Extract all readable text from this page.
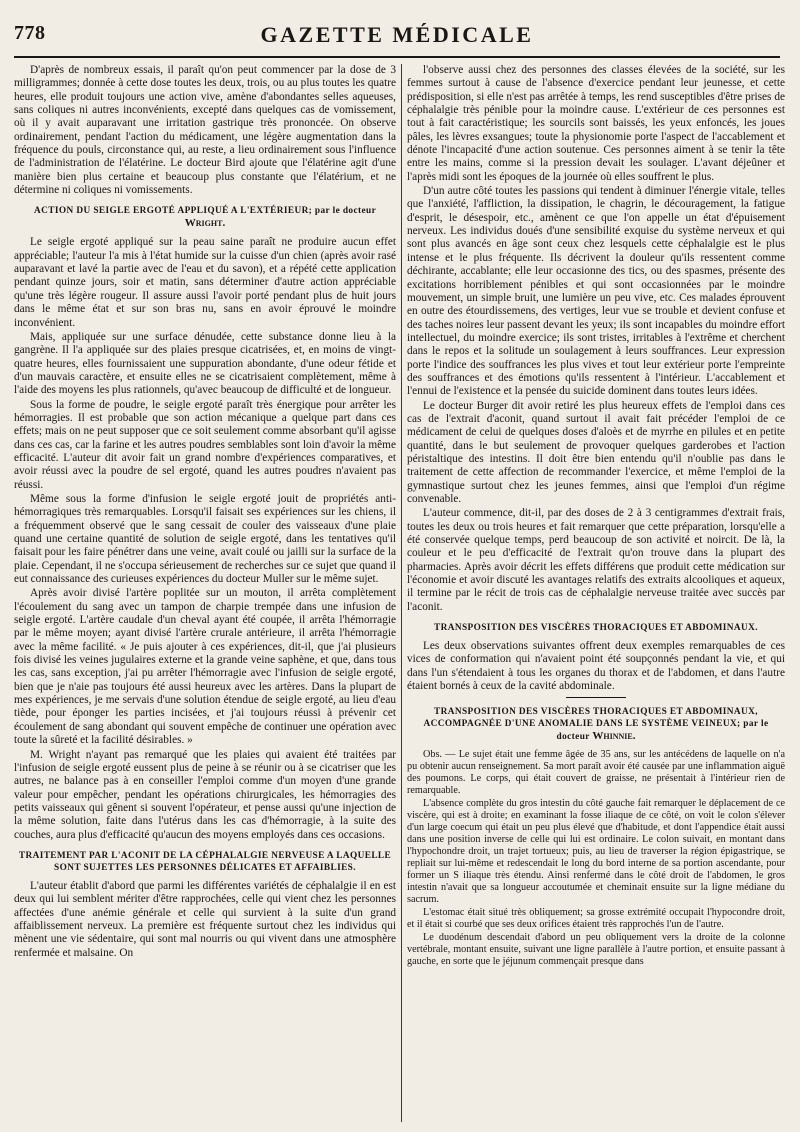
778	GAZETTE MÉDICALE

D'après de nombreux essais, il paraît qu'on peut commencer par la dose de 3 milligrammes; donnée à cette dose toutes les deux, trois, ou au plus toutes les quatre heures, elle produit toujours une action vive, amène d'abondantes selles aqueuses, sans coliques ni autres inconvénients, excepté dans quelques cas de vomissement, où il y avait auparavant une irritation gastrique très prononcée. On observe ordinairement, pendant l'action du médicament, une légère augmentation dans la fréquence du pouls, circonstance qui, au reste, a lieu ordinairement sous l'influence de l'administration de l'élatérine. Le docteur Bird ajoute que l'élatérine agit d'une manière bien plus certaine et beaucoup plus constante que l'élatérium, et ne détermine ni coliques ni vomissements.

ACTION DU SEIGLE ERGOTÉ APPLIQUÉ A L'EXTÉRIEUR; par le docteur Wright.

Le seigle ergoté appliqué sur la peau saine paraît ne produire aucun effet appréciable; l'auteur l'a mis à l'état humide sur la cuisse d'un chien (après avoir rasé auparavant et lavé la partie avec de l'eau et du savon), et a répété cette application pendant quinze jours, soir et matin, sans déterminer d'autre action appréciable qu'une très légère rougeur. Il assure aussi l'avoir porté pendant plus de huit jours dans le même état et sur son bras nu, sans en avoir éprouvé le moindre inconvénient.

Mais, appliquée sur une surface dénudée, cette substance donne lieu à la gangrène. Il l'a appliquée sur des plaies presque cicatrisées, et, en moins de vingt-quatre heures, elles fournissaient une suppuration abondante, d'une odeur fétide et d'un mauvais caractère, et ensuite elles ne se cicatrisaient complètement, même à l'aide des moyens les plus rationnels, qu'avec beaucoup de difficulté et de longueur.

Sous la forme de poudre, le seigle ergoté paraît très énergique pour arrêter les hémorragies. Il est probable que son action mécanique a quelque part dans ces effets; mais on ne peut supposer que ce soit seulement comme absorbant qu'il agisse dans ces cas, car la farine et les autres poudres semblables sont loin d'avoir la même efficacité. L'auteur dit avoir fait un grand nombre d'expériences comparatives, et avoir réussi avec la poudre de sel ergoté, quand les autres poudres n'avaient pas réussi.

Même sous la forme d'infusion le seigle ergoté jouit de propriétés anti-hémorragiques très remarquables. Lorsqu'il faisait ses expériences sur les chiens, il a fréquemment observé que le sang cessait de couler des vaisseaux d'une plaie quand une certaine quantité de solution de seigle ergoté, dans les tentatives qu'il faisait pour les faire pénétrer dans une veine, avait coulé ou jailli sur la surface de la plaie. Cependant, il ne s'occupa sérieusement de recherches sur ce sujet que quand il eut connaissance des curieuses expériences du docteur Muller sur le même sujet.

Après avoir divisé l'artère poplitée sur un mouton, il arrêta complètement l'écoulement du sang avec un tampon de charpie trempée dans une infusion de seigle ergoté. L'artère caudale d'un cheval ayant été coupée, il arrêta l'hémorragie par le même moyen; ayant divisé l'artère crurale antérieure, il arrêta l'hémorragie avec la même facilité. « Je puis ajouter à ces expériences, dit-il, que j'ai plusieurs fois divisé les veines jugulaires externe et la grande veine saphène, et que, dans tous les cas, sans exception, j'ai pu arrêter l'hémorragie avec l'infusion de seigle ergoté, bien que je n'aie pas toujours été aussi heureux avec les artères. Dans la plupart de mes expériences, je me servais d'une solution étendue de seigle ergoté, au lieu d'eau tiède, pour éponger les parties incisées, et j'ai toujours réussi à prévenir cet écoulement de sang abondant qui souvent empêche de continuer une opération avec toute la sûreté et la facilité désirables. »

M. Wright n'ayant pas remarqué que les plaies qui avaient été traitées par l'infusion de seigle ergoté eussent plus de peine à se réunir ou à se cicatriser que les autres, ne balance pas à en conseiller l'emploi comme d'un moyen d'une grande valeur pour empêcher, pendant les opérations chirurgicales, les hémorragies des petits vaisseaux qui gênent si souvent l'opérateur, et pense aussi qu'une injection de la même solution, faite dans l'utérus dans les cas d'hémorragie, à la suite des couches, aura plus d'efficacité qu'aucun des moyens employés dans ces occasions.

TRAITEMENT PAR L'ACONIT DE LA CÉPHALALGIE NERVEUSE A LAQUELLE SONT SUJETTES LES PERSONNES DÉLICATES ET AFFAIBLIES.

L'auteur établit d'abord que parmi les différentes variétés de céphalalgie il en est deux qui lui semblent mériter d'être rapprochées, celle qui vient chez les personnes affectées d'une anémie générale et celle qui survient à la suite d'un grand affaiblissement nerveux. La première est fréquente surtout chez les individus qui mènent une vie sédentaire, qui sont mal nourris ou qui vivent dans une atmosphère renfermée et malsaine. On

l'observe aussi chez des personnes des classes élevées de la société, sur les femmes surtout à cause de l'absence d'exercice pendant leur jeunesse, et cette prédisposition, si elle n'est pas arrêtée à temps, les rend susceptibles d'être prises de céphalalgie très pénible pour la moindre cause. L'extérieur de ces personnes est tout à fait caractéristique; les sourcils sont baissés, les yeux enfoncés, les joues pâles, les lèvres exsangues; toute la physionomie porte l'aspect de l'accablement et dénote l'incapacité d'une action soutenue. Ces personnes aiment à se tenir la tête entre les mains, comme si la pression devait les soulager. L'avant déjeûner et l'après midi sont les époques de la journée où elles souffrent le plus.

D'un autre côté toutes les passions qui tendent à diminuer l'énergie vitale, telles que l'anxiété, l'affliction, la dissipation, le chagrin, le découragement, la fatigue d'esprit, le désespoir, etc., amènent ce que l'on appelle un état d'épuisement nerveux. Les individus doués d'une sensibilité exquise du système nerveux et qui sont plus avancés en âge sont ceux chez lesquels cette céphalalgie est le plus intense et le plus fréquente. Ils décrivent la douleur qu'ils ressentent comme déchirante, accablante; elle leur occasionne des tics, ou des spasmes, présente des excitations horriblement pénibles et qui sont occasionnées par le moindre mouvement, un simple bruit, une lumière un peu vive, etc. Ces malades éprouvent en outre des étourdissemens, des vertiges, leur vue se trouble et devient confuse et des taches noires leur passent devant les yeux; ils sont incapables du moindre effort intellectuel, du moindre exercice; ils sont tristes, irritables à l'extrême et cherchent dans le repos et la solitude un soulagement à leurs souffrances. Leur expression porte l'indice des souffrances les plus vives et tout leur extérieur porte l'empreinte des souffrances et des émotions qu'ils ressentent à l'intérieur. L'accablement et l'ennui de l'existence et la pensée du suicide dominent dans toutes leurs idées.

Le docteur Burger dit avoir retiré les plus heureux effets de l'emploi dans ces cas de l'extrait d'aconit, quand surtout il avait fait précéder l'emploi de ce médicament de celui de quelques doses d'aloès et de myrrhe en pilules et en petite quantité, dans le but seulement de provoquer quelques garderobes et l'action péristaltique des intestins. Il doit être bien entendu qu'il n'oublie pas dans le traitement de cette affection de recommander l'exercice, et même l'emploi de la gymnastique surtout chez les jeunes femmes, ainsi que l'emploi d'un régime convenable.

L'auteur commence, dit-il, par des doses de 2 à 3 centigrammes d'extrait frais, toutes les deux ou trois heures et fait remarquer que cette préparation, lorsqu'elle a été conservée quelque temps, perd beaucoup de son activité et noircit. De là, la couleur et le peu d'efficacité de l'extrait qu'on trouve dans la plupart des pharmacies. Après avoir décrit les effets différens que produit cette médication sur l'économie et avoir discuté les avantages relatifs des extraits alcooliques et aqueux, il termine par le récit de trois cas de céphalalgie nerveuse traitée avec succès par l'aconit.

TRANSPOSITION DES VISCÈRES THORACIQUES ET ABDOMINAUX.

Les deux observations suivantes offrent deux exemples remarquables de ces vices de conformation qui n'avaient point été soupçonnés pendant la vie, et qui dans l'un s'étendaient à tous les organes du thorax et de l'abdomen, et dans l'autre étaient bornés à ceux de la cavité abdominale.

TRANSPOSITION DES VISCÈRES THORACIQUES ET ABDOMINAUX, ACCOMPAGNÉE D'UNE ANOMALIE DANS LE SYSTÈME VEINEUX; par le docteur Whinnie.

Obs. — Le sujet était une femme âgée de 35 ans, sur les antécédens de laquelle on n'a pu obtenir aucun renseignement. Sa mort paraît avoir été causée par une inflammation aiguë des poumons. Le corps, qui était couvert de graisse, ne présentait à l'intérieur rien de remarquable.

L'absence complète du gros intestin du côté gauche fait remarquer le déplacement de ce viscère, qui est à droite; en examinant la fosse iliaque de ce côté, on voit le colon s'élever d'un large coecum qui était un peu plus élevé que d'habitude, et dont l'appendice était aussi dans une position inverse de celle qui lui est ordinaire. Le colon suivait, en montant dans l'hypochondre droit, un trajet tortueux; puis, au lieu de traverser la région épigastrique, se repliait sur lui-même et redescendait le long du bord interne de sa portion ascendante, pour former un S iliaque très étendu. Ainsi renfermé dans le côté droit de l'abdomen, le gros intestin n'avait que sa longueur accoutumée et cheminait ensuite sur la ligne médiane du sacrum.

L'estomac était situé très obliquement; sa grosse extrémité occupait l'hypocondre droit, et il était si courbé que ses deux orifices étaient très rapprochés l'un de l'autre.

Le duodénum descendait d'abord un peu obliquement vers la droite de la colonne vertébrale, montant ensuite, suivant une ligne parallèle à l'autre portion, et ensuite passant à gauche, en sorte que le jéjunum commençait presque dans
